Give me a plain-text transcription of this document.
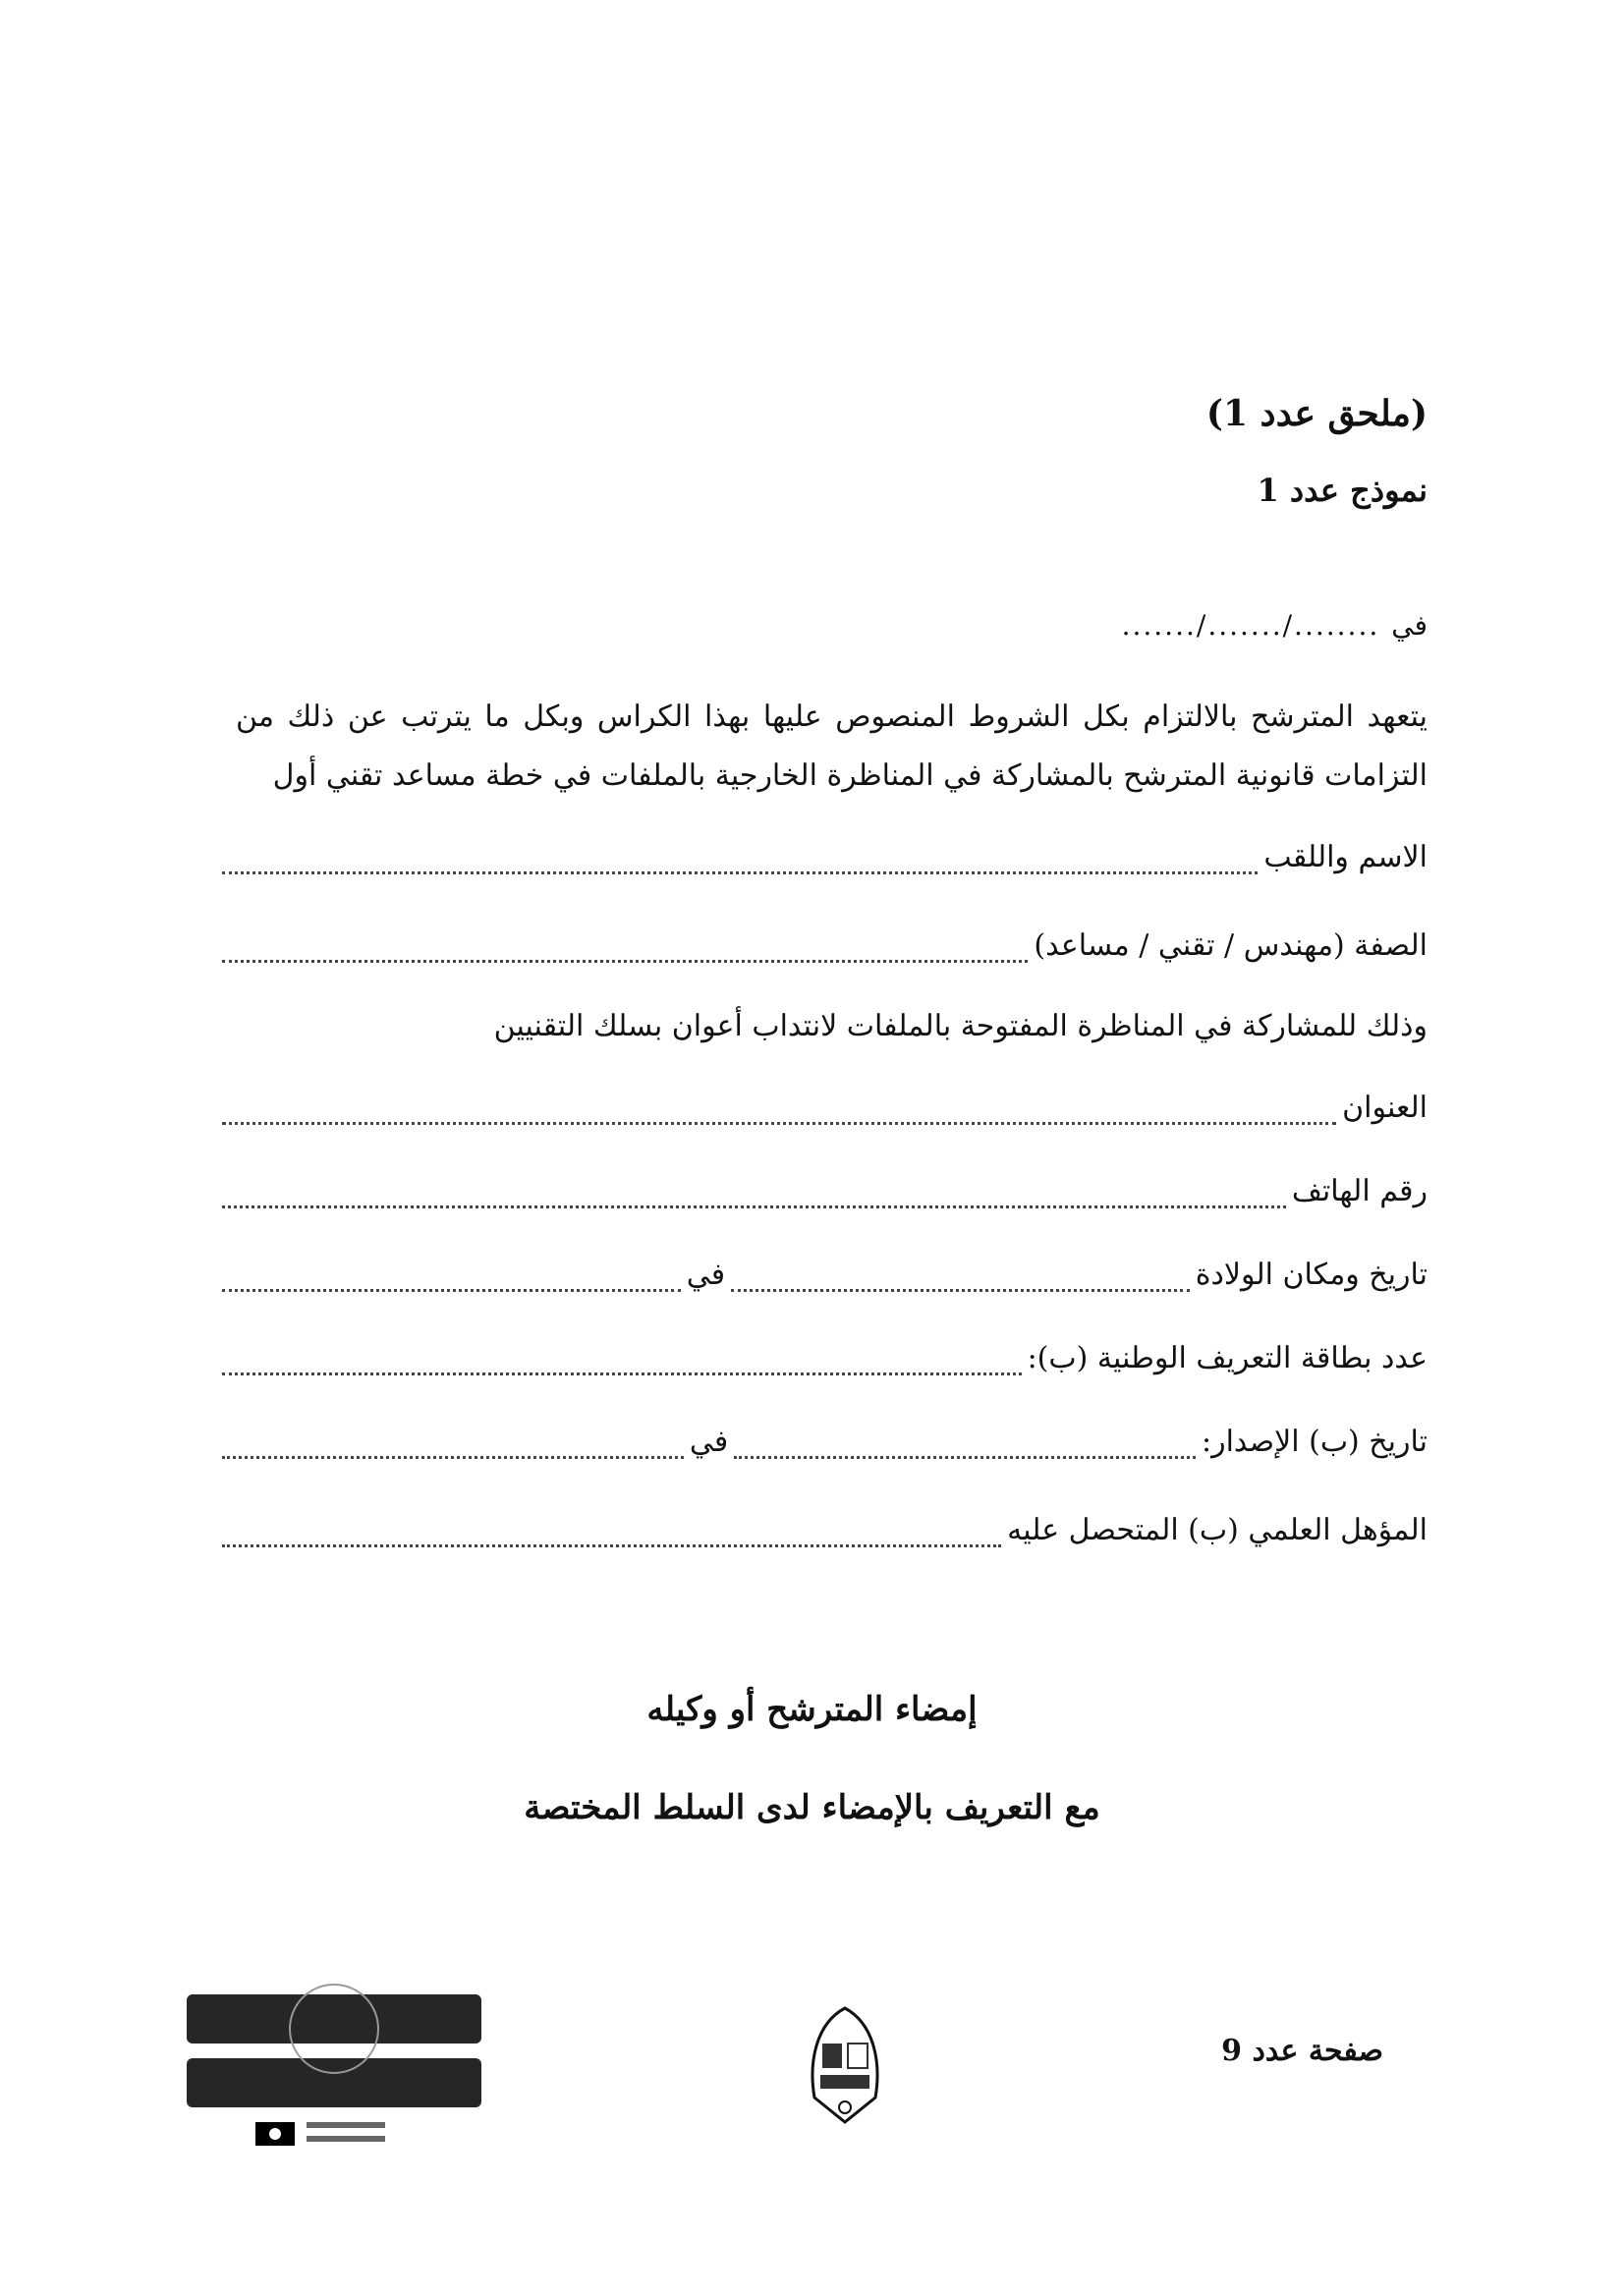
(ملحق عدد 1)
نموذج عدد 1
في
......../......./.......
يتعهد المترشح بالالتزام بكل الشروط المنصوص عليها بهذا الكراس وبكل ما يترتب عن ذلك من التزامات قانونية المترشح بالمشاركة في المناظرة الخارجية بالملفات في خطة مساعد تقني أول
الاسم واللقب
الصفة (مهندس / تقني / مساعد)
وذلك للمشاركة في المناظرة المفتوحة بالملفات لانتداب أعوان بسلك التقنيين
العنوان
رقم الهاتف
تاريخ ومكان الولادة
في
عدد بطاقة التعريف الوطنية (ب):
تاريخ (ب) الإصدار:
في
المؤهل العلمي (ب) المتحصل عليه
إمضاء المترشح أو وكيله
مع التعريف بالإمضاء لدى السلط المختصة
صفحة عدد 9
